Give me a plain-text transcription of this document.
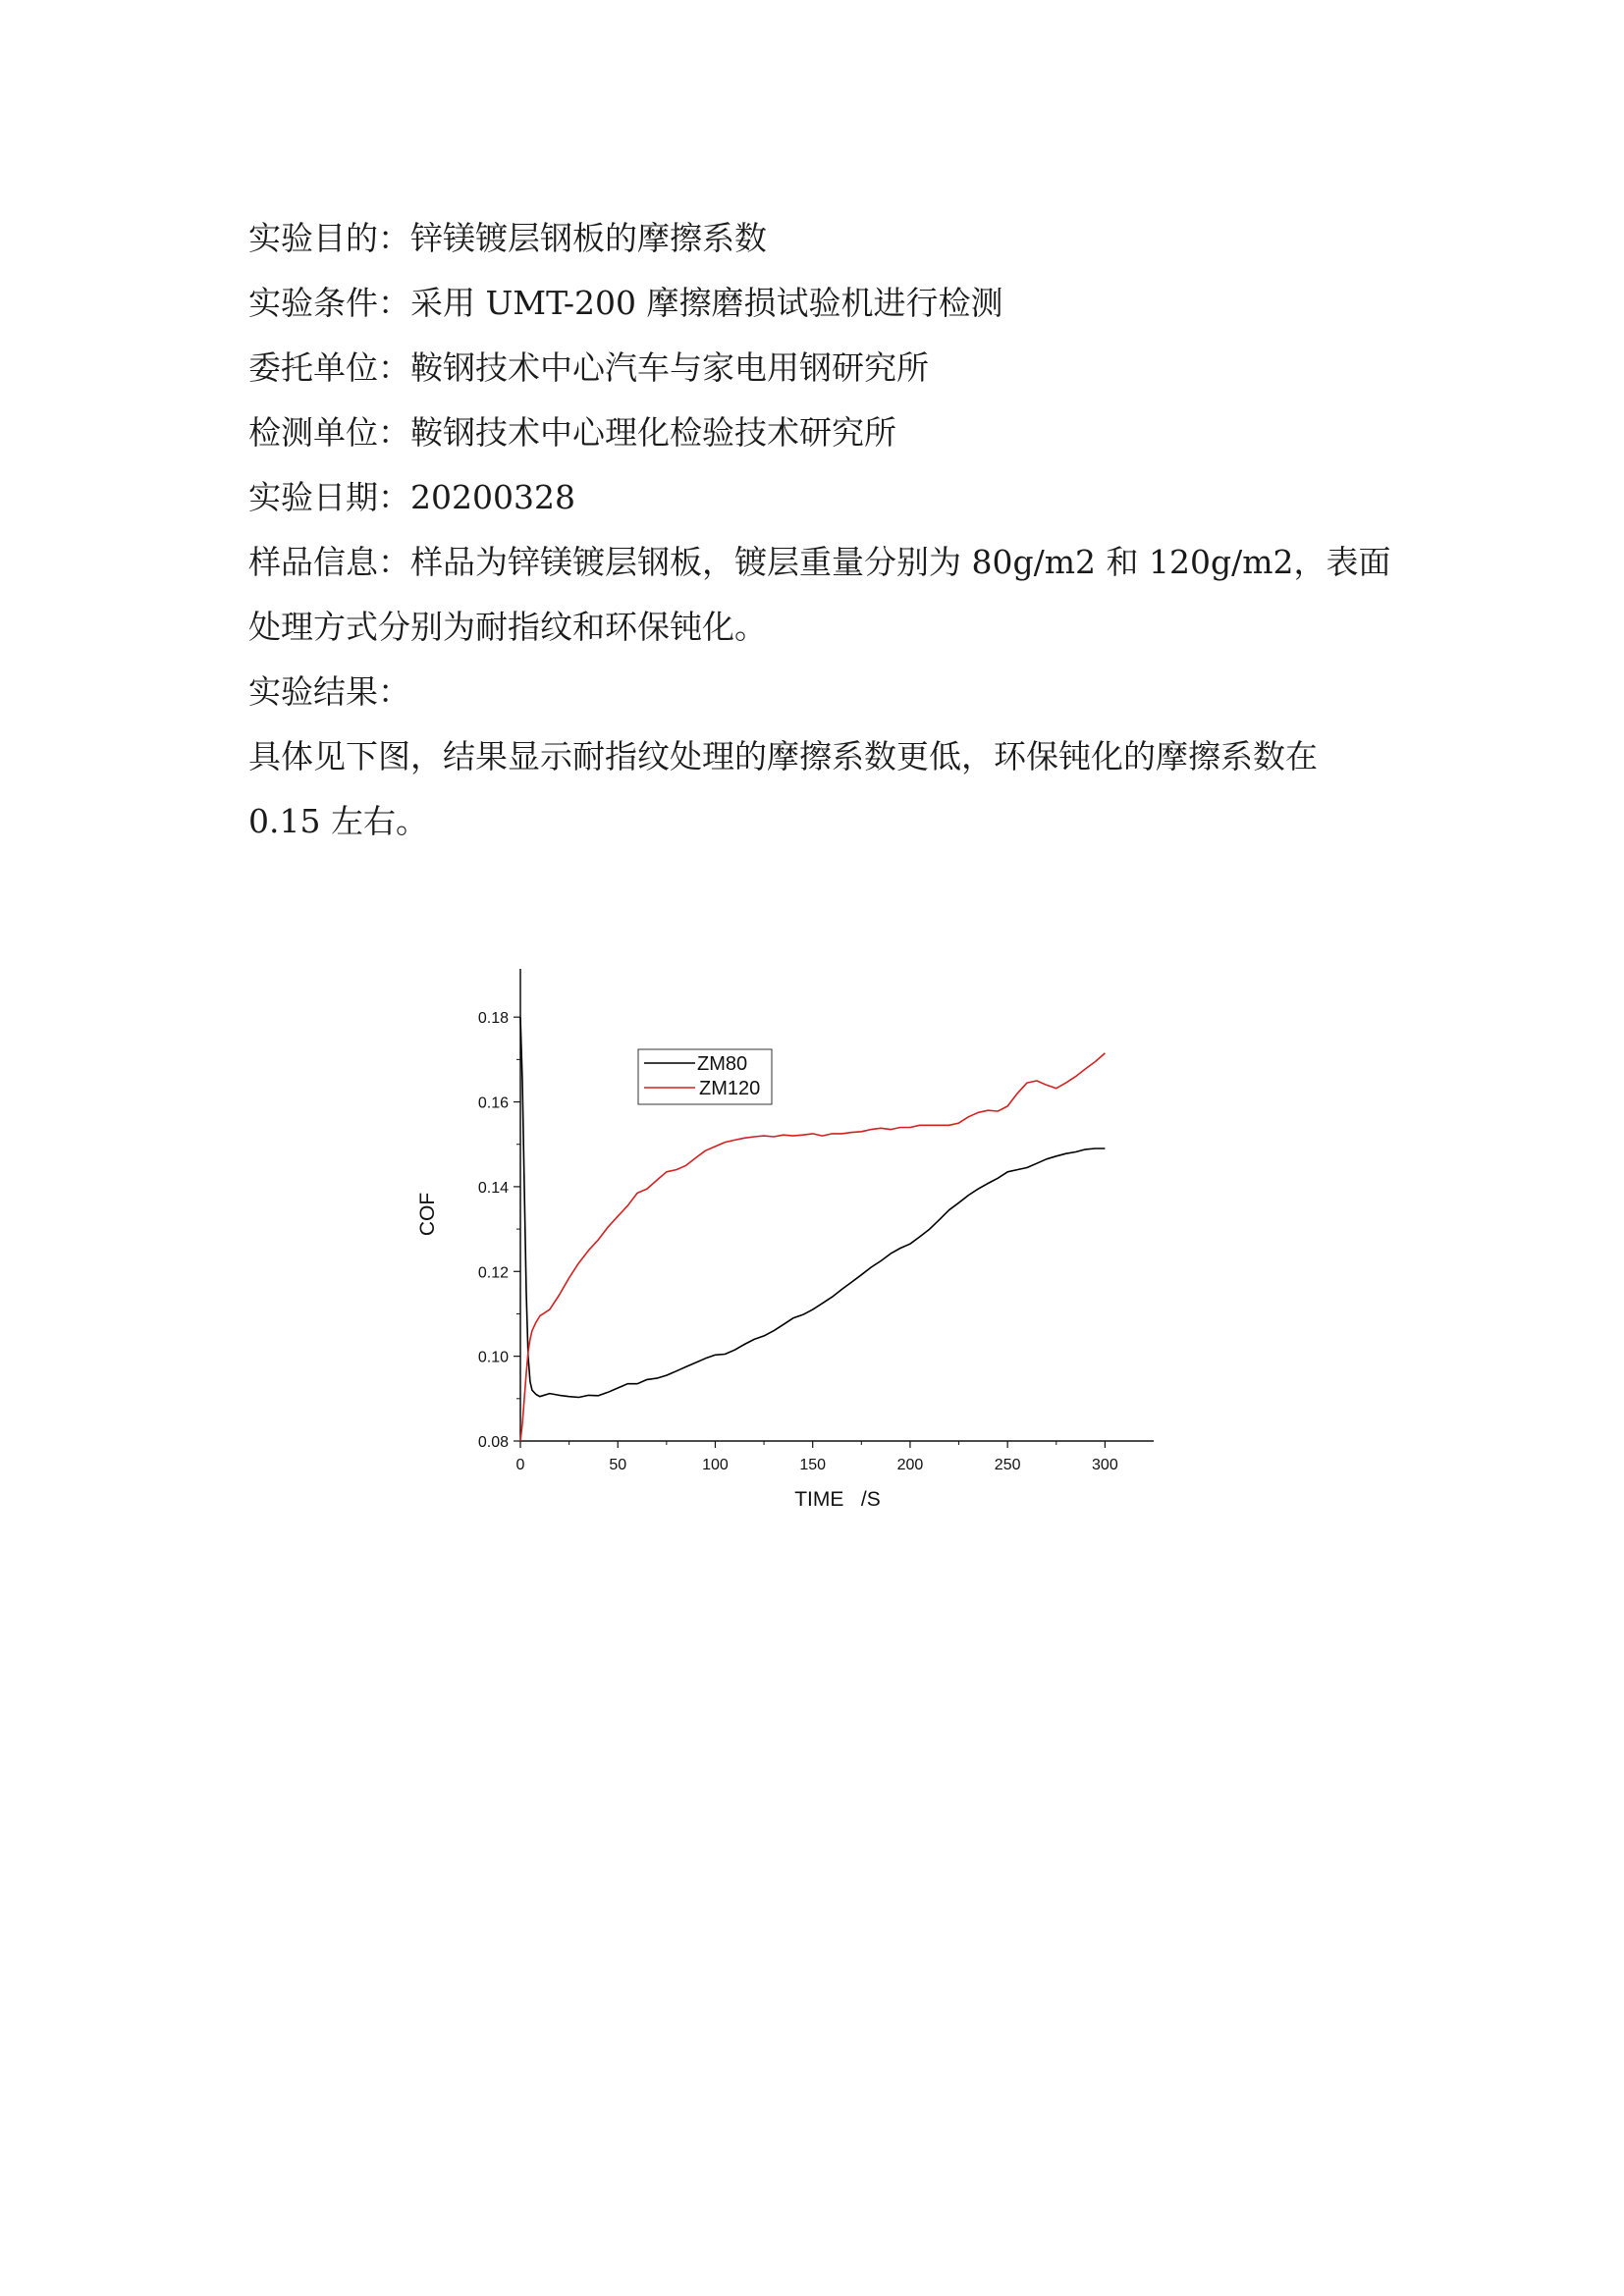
实验目的：锌镁镀层钢板的摩擦系数
实验条件：采用 UMT-200 摩擦磨损试验机进行检测
委托单位：鞍钢技术中心汽车与家电用钢研究所
检测单位：鞍钢技术中心理化检验技术研究所
实验日期：20200328
样品信息：样品为锌镁镀层钢板，镀层重量分别为 80g/m2 和 120g/m2，表面处理方式分别为耐指纹和环保钝化。
实验结果：
具体见下图，结果显示耐指纹处理的摩擦系数更低，环保钝化的摩擦系数在 0.15 左右。
0	50	100	150	200	250	300
0.08
0.10
0.12
0.14
0.16
0.18
TIME   /S
COF
ZM80
ZM120
